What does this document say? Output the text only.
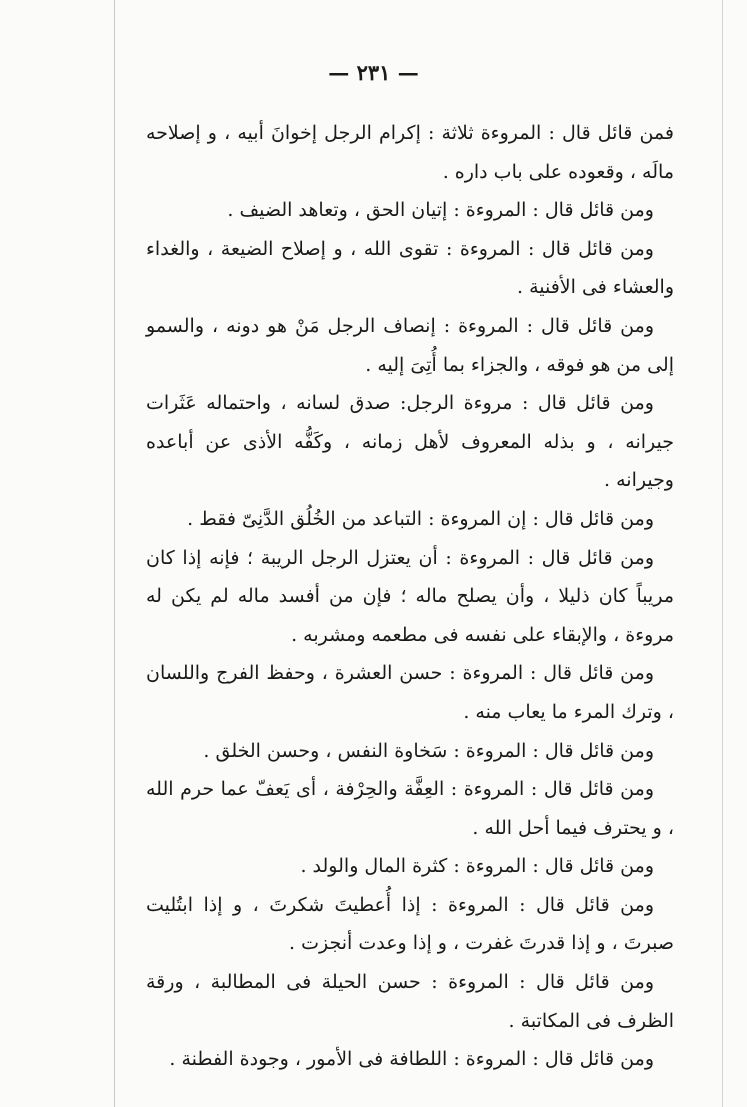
— ٢٣١ —

فمن قائل قال : المروءة ثلاثة : إكرام الرجل إخوانَ أبيه ، و إصلاحه مالَه ، وقعوده على باب داره .

ومن قائل قال : المروءة : إتيان الحق ، وتعاهد الضيف .

ومن قائل قال : المروءة : تقوى الله ، و إصلاح الضيعة ، والغداء والعشاء فى الأفنية .

ومن قائل قال : المروءة : إنصاف الرجل مَنْ هو دونه ، والسمو إلى من هو فوقه ، والجزاء بما أُتِىَ إليه .

ومن قائل قال : مروءة الرجل: صدق لسانه ، واحتماله عَثَرات جيرانه ، و بذله المعروف لأهل زمانه ، وكَفُّه الأذى عن أباعده وجيرانه .

ومن قائل قال : إن المروءة : التباعد من الخُلُق الدَّنِىّ فقط .

ومن قائل قال : المروءة : أن يعتزل الرجل الريبة ؛ فإنه إذا كان مريباً كان ذليلا ، وأن يصلح ماله ؛ فإن من أفسد ماله لم يكن له مروءة ، والإبقاء على نفسه فى مطعمه ومشربه .

ومن قائل قال : المروءة : حسن العشرة ، وحفظ الفرج واللسان ، وترك المرء ما يعاب منه .

ومن قائل قال : المروءة : سَخاوة النفس ، وحسن الخلق .

ومن قائل قال : المروءة : العِفَّة والحِرْفة ، أى يَعفّ عما حرم الله ، و يحترف فيما أحل الله .

ومن قائل قال : المروءة : كثرة المال والولد .

ومن قائل قال : المروءة : إذا أُعطيتَ شكرتَ ، و إذا ابتُليت صبرتَ ، و إذا قدرتَ غفرت ، و إذا وعدت أنجزت .

ومن قائل قال : المروءة : حسن الحيلة فى المطالبة ، ورقة الظرف فى المكاتبة .

ومن قائل قال : المروءة : اللطافة فى الأمور ، وجودة الفطنة .
